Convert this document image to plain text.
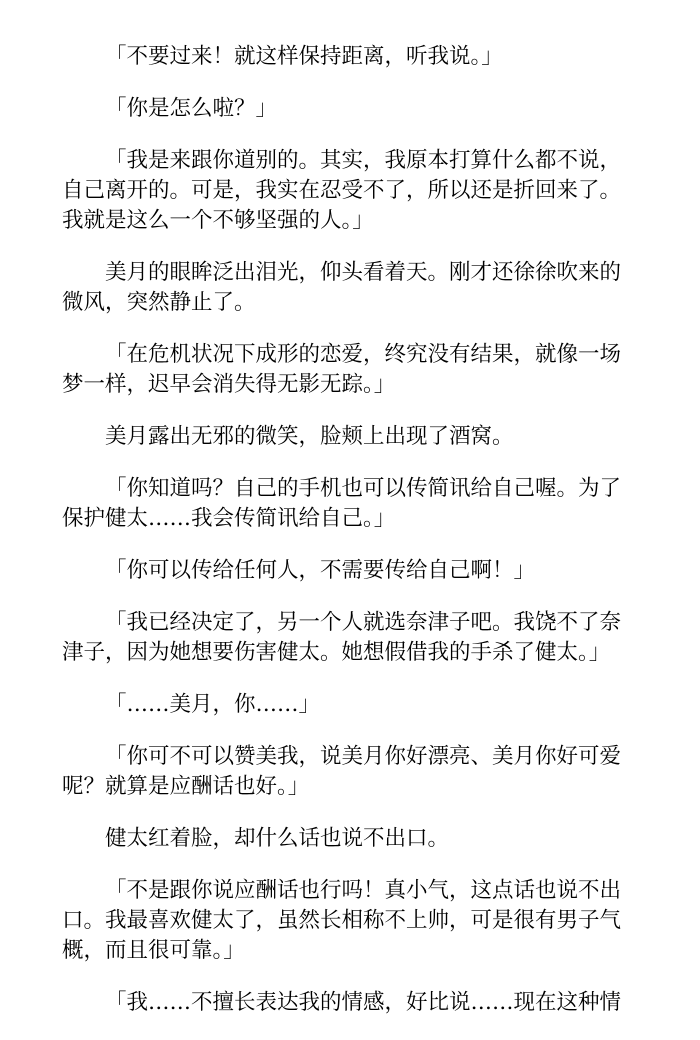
「不要过来！就这样保持距离，听我说。」

「你是怎么啦？」

「我是来跟你道别的。其实，我原本打算什么都不说，自己离开的。可是，我实在忍受不了，所以还是折回来了。我就是这么一个不够坚强的人。」

美月的眼眸泛出泪光，仰头看着天。刚才还徐徐吹来的微风，突然静止了。

「在危机状况下成形的恋爱，终究没有结果，就像一场梦一样，迟早会消失得无影无踪。」

美月露出无邪的微笑，脸颊上出现了酒窝。

「你知道吗？自己的手机也可以传简讯给自己喔。为了保护健太……我会传简讯给自己。」

「你可以传给任何人，不需要传给自己啊！」

「我已经决定了，另一个人就选奈津子吧。我饶不了奈津子，因为她想要伤害健太。她想假借我的手杀了健太。」

「……美月，你……」

「你可不可以赞美我，说美月你好漂亮、美月你好可爱呢？就算是应酬话也好。」

健太红着脸，却什么话也说不出口。

「不是跟你说应酬话也行吗！真小气，这点话也说不出口。我最喜欢健太了，虽然长相称不上帅，可是很有男子气概，而且很可靠。」

「我……不擅长表达我的情感，好比说……现在这种情
